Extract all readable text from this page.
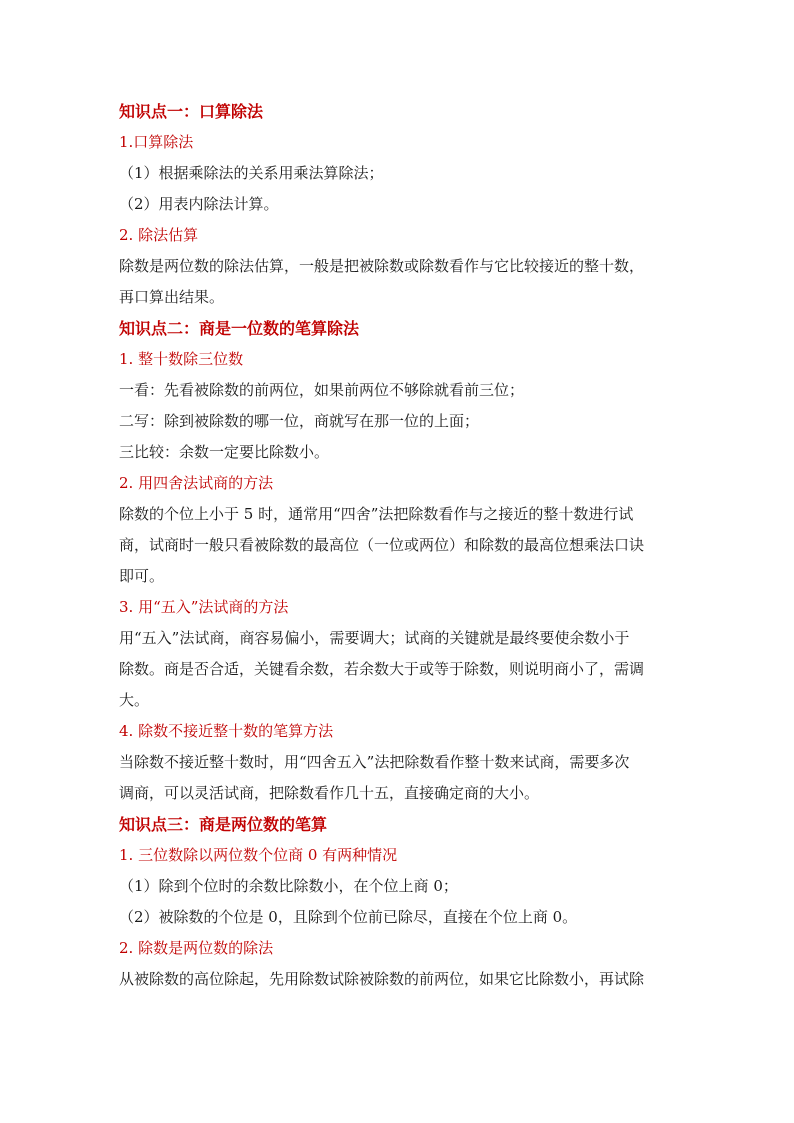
知识点一：口算除法
1.口算除法
（1）根据乘除法的关系用乘法算除法；
（2）用表内除法计算。
2. 除法估算
除数是两位数的除法估算，一般是把被除数或除数看作与它比较接近的整十数，
再口算出结果。
知识点二：商是一位数的笔算除法
1. 整十数除三位数
一看：先看被除数的前两位，如果前两位不够除就看前三位；
二写：除到被除数的哪一位，商就写在那一位的上面；
三比较：余数一定要比除数小。
2. 用四舍法试商的方法
除数的个位上小于 5 时，通常用“四舍”法把除数看作与之接近的整十数进行试
商，试商时一般只看被除数的最高位（一位或两位）和除数的最高位想乘法口诀
即可。
3. 用“五入”法试商的方法
用“五入”法试商，商容易偏小，需要调大；试商的关键就是最终要使余数小于
除数。商是否合适，关键看余数，若余数大于或等于除数，则说明商小了，需调
大。
4. 除数不接近整十数的笔算方法
当除数不接近整十数时，用“四舍五入”法把除数看作整十数来试商，需要多次
调商，可以灵活试商，把除数看作几十五，直接确定商的大小。
知识点三：商是两位数的笔算
1. 三位数除以两位数个位商 0 有两种情况
（1）除到个位时的余数比除数小，在个位上商 0；
（2）被除数的个位是 0，且除到个位前已除尽，直接在个位上商 0。
2. 除数是两位数的除法
从被除数的高位除起，先用除数试除被除数的前两位，如果它比除数小，再试除
